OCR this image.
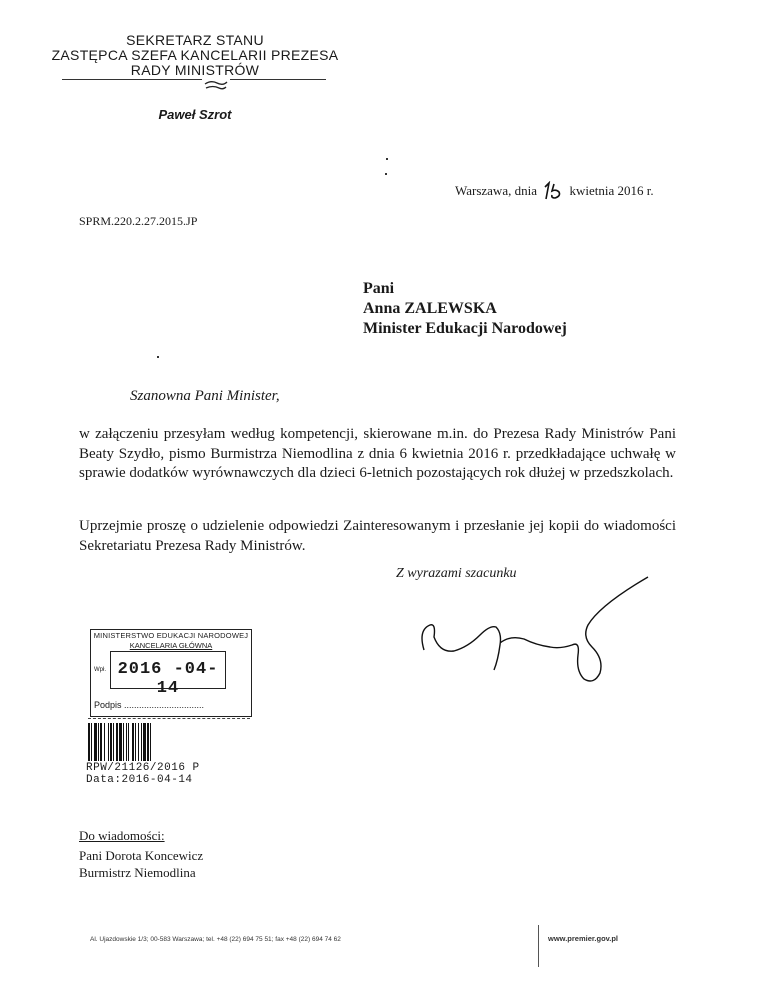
SEKRETARZ STANU
ZASTĘPCA SZEFA KANCELARII PREZESA
RADY MINISTRÓW
Paweł Szrot
Warszawa, dnia	kwietnia 2016 r.
SPRM.220.2.27.2015.JP
Pani
Anna ZALEWSKA
Minister Edukacji Narodowej
Szanowna Pani Minister,
w załączeniu przesyłam według kompetencji, skierowane m.in. do Prezesa Rady Ministrów Pani Beaty Szydło, pismo Burmistrza Niemodlina z dnia 6 kwietnia 2016 r. przedkładające uchwałę w sprawie dodatków wyrównawczych dla dzieci 6-letnich pozostających rok dłużej w przedszkolach.
Uprzejmie proszę o udzielenie odpowiedzi Zainteresowanym i przesłanie jej kopii do wiadomości Sekretariatu Prezesa Rady Ministrów.
Z wyrazami szacunku
MINISTERSTWO EDUKACJI NARODOWEJ
KANCELARIA GŁÓWNA
Wpł. 2016 -04- 14
Podpis ................................
RPW/21126/2016 P
Data:2016-04-14
Do wiadomości:
Pani Dorota Koncewicz
Burmistrz Niemodlina
Al. Ujazdowskie 1/3; 00-583 Warszawa; tel. +48 (22) 694 75 51; fax +48 (22) 694 74 62	www.premier.gov.pl
